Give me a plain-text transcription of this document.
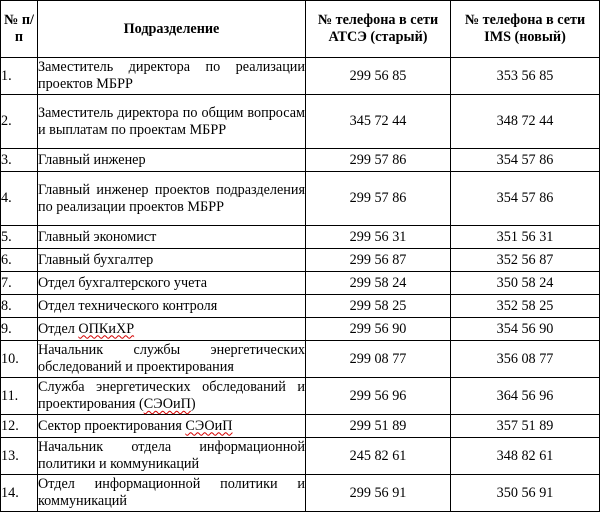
№ п/п	Подразделение	№ телефона в сети АТСЭ (старый)	№ телефона в сети IMS (новый)
1.	Заместитель директора по реализации проектов МБРР	299 56 85	353 56 85
2.	Заместитель директора по общим вопросам и выплатам по проектам МБРР	345 72 44	348 72 44
3.	Главный инженер	299 57 86	354 57 86
4.	Главный инженер проектов подразделения по реализации проектов МБРР	299 57 86	354 57 86
5.	Главный экономист	299 56 31	351 56 31
6.	Главный бухгалтер	299 56 87	352 56 87
7.	Отдел бухгалтерского учета	299 58 24	350 58 24
8.	Отдел технического контроля	299 58 25	352 58 25
9.	Отдел ОПКиХР	299 56 90	354 56 90
10.	Начальник службы энергетических обследований и проектирования	299 08 77	356 08 77
11.	Служба энергетических обследований и проектирования (СЭОиП)	299 56 96	364 56 96
12.	Сектор проектирования СЭОиП	299 51 89	357 51 89
13.	Начальник отдела информационной политики и коммуникаций	245 82 61	348 82 61
14.	Отдел информационной политики и коммуникаций	299 56 91	350 56 91
